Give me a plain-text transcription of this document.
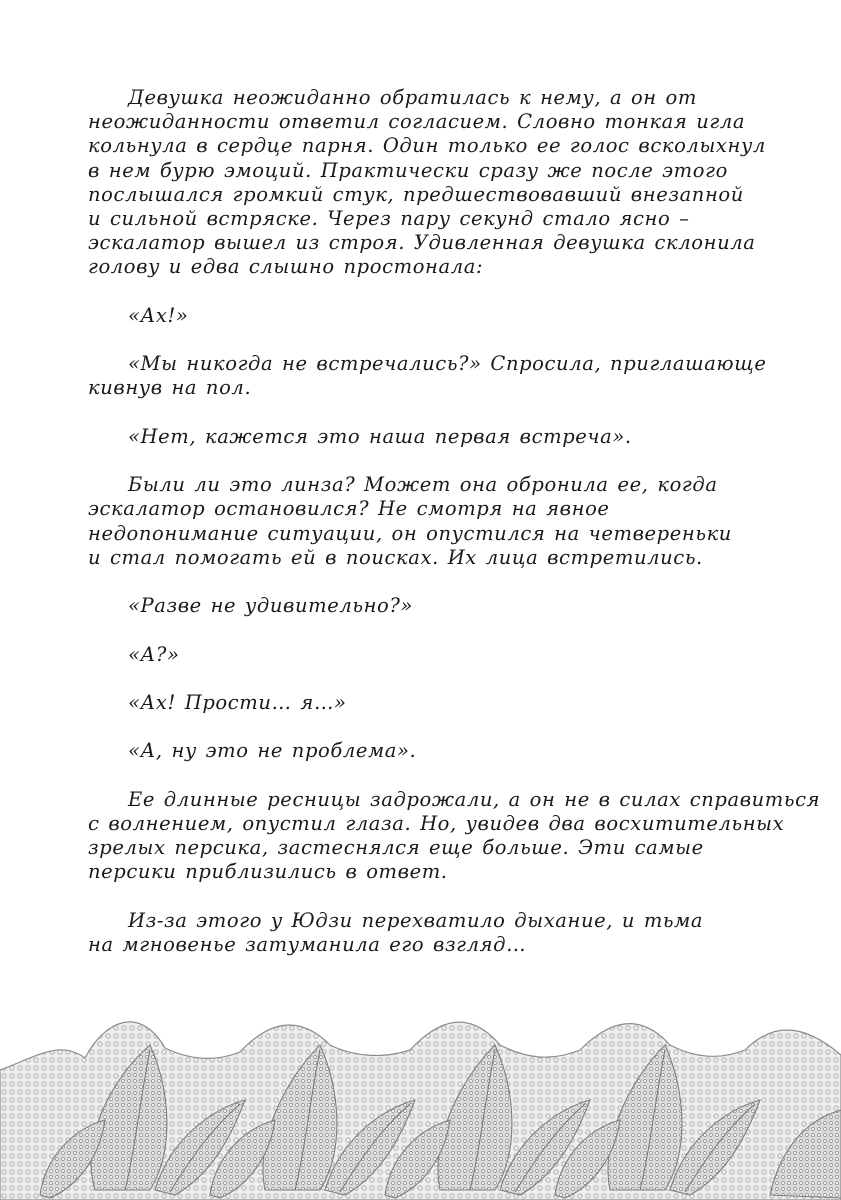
Девушка неожиданно обратилась к нему, а он от
неожиданности ответил согласием. Словно тонкая игла
кольнула в сердце парня. Один только ее голос всколыхнул
в нем бурю эмоций. Практически сразу же после этого
послышался громкий стук, предшествовавший внезапной
и сильной встряске. Через пару секунд стало ясно –
эскалатор вышел из строя. Удивленная девушка склонила
голову и едва слышно простонала:
«Ах!»
«Мы никогда не встречались?» Спросила, приглашающе
кивнув на пол.
«Нет, кажется это наша первая встреча».
Были ли это линза? Может она обронила ее, когда
эскалатор остановился? Не смотря на явное
недопонимание ситуации, он опустился на четвереньки
и стал помогать ей в поисках. Их лица встретились.
«Разве не удивительно?»
«А?»
«Ах! Прости… я…»
«А, ну это не проблема».
Ее длинные ресницы задрожали, а он не в силах справиться
с волнением, опустил глаза. Но, увидев два восхитительных
зрелых персика, застеснялся еще больше. Эти самые
персики приблизились в ответ.
Из-за этого у Юдзи перехватило дыхание, и тьма
на мгновенье затуманила его взгляд…
